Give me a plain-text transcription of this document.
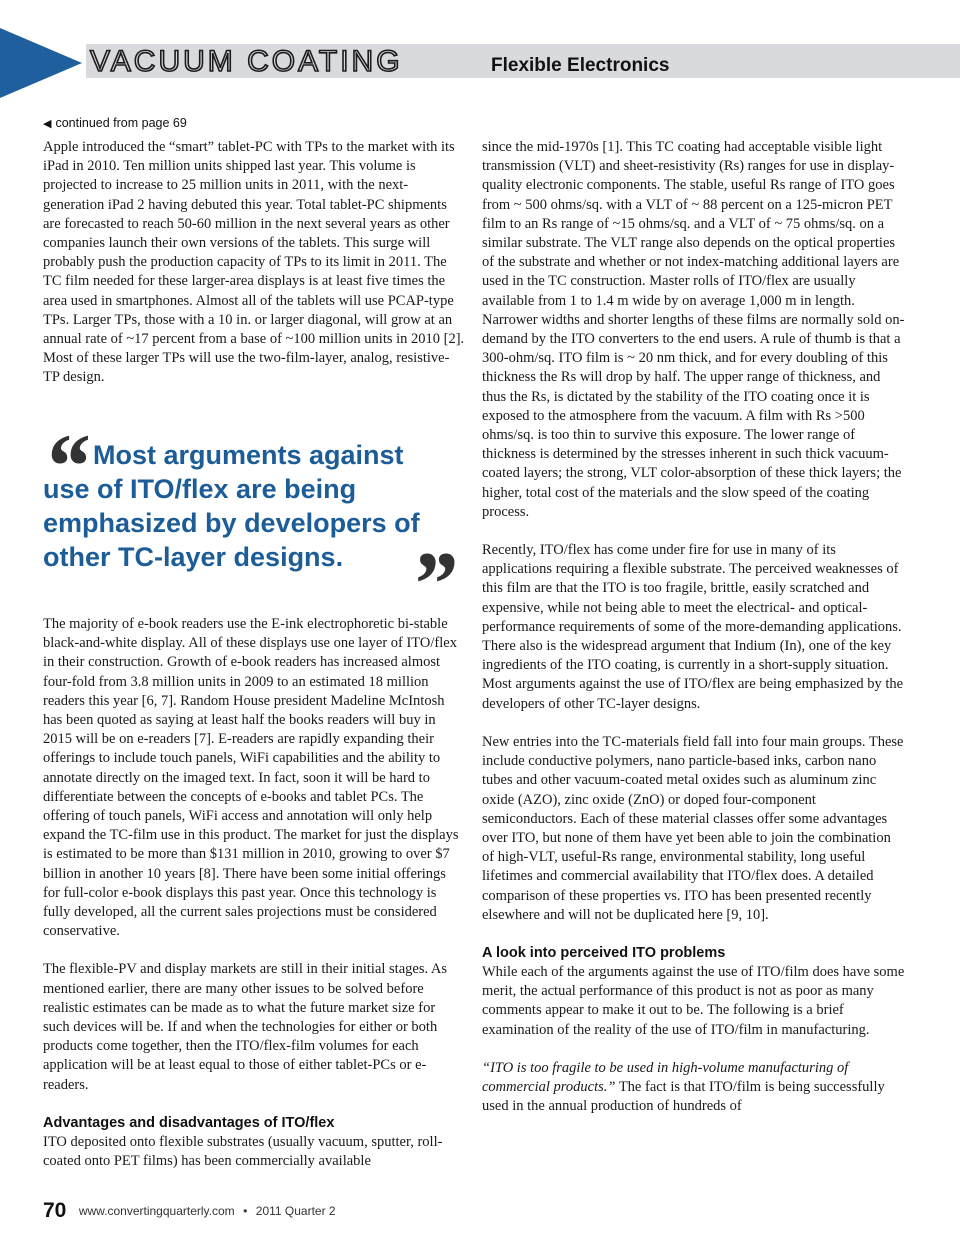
VACUUM COATING	Flexible Electronics
◀ continued from page 69

Apple introduced the “smart” tablet-PC with TPs to the market with its iPad in 2010. Ten million units shipped last year. This volume is projected to increase to 25 million units in 2011, with the next-generation iPad 2 having debuted this year. Total tablet-PC shipments are forecasted to reach 50-60 million in the next several years as other companies launch their own versions of the tablets. This surge will probably push the production capacity of TPs to its limit in 2011. The TC film needed for these larger-area displays is at least five times the area used in smartphones. Almost all of the tablets will use PCAP-type TPs. Larger TPs, those with a 10 in. or larger diagonal, will grow at an annual rate of ~17 percent from a base of ~100 million units in 2010 [2]. Most of these larger TPs will use the two-film-layer, analog, resistive-TP design.

“ Most arguments against use of ITO/flex are being emphasized by developers of other TC-layer designs. ”

The majority of e-book readers use the E-ink electrophoretic bi-stable black-and-white display. All of these displays use one layer of ITO/flex in their construction. Growth of e-book readers has increased almost four-fold from 3.8 million units in 2009 to an estimated 18 million readers this year [6, 7]. Random House president Madeline McIntosh has been quoted as saying at least half the books readers will buy in 2015 will be on e-readers [7]. E-readers are rapidly expanding their offerings to include touch panels, WiFi capabilities and the ability to annotate directly on the imaged text. In fact, soon it will be hard to differentiate between the concepts of e-books and tablet PCs. The offering of touch panels, WiFi access and annotation will only help expand the TC-film use in this product. The market for just the displays is estimated to be more than $131 million in 2010, growing to over $7 billion in another 10 years [8]. There have been some initial offerings for full-color e-book displays this past year. Once this technology is fully developed, all the current sales projections must be considered conservative.

The flexible-PV and display markets are still in their initial stages. As mentioned earlier, there are many other issues to be solved before realistic estimates can be made as to what the future market size for such devices will be. If and when the technologies for either or both products come together, then the ITO/flex-film volumes for each application will be at least equal to those of either tablet-PCs or e-readers.

Advantages and disadvantages of ITO/flex

ITO deposited onto flexible substrates (usually vacuum, sputter, roll-coated onto PET films) has been commercially available

since the mid-1970s [1]. This TC coating had acceptable visible light transmission (VLT) and sheet-resistivity (Rs) ranges for use in display-quality electronic components. The stable, useful Rs range of ITO goes from ~ 500 ohms/sq. with a VLT of ~ 88 percent on a 125-micron PET film to an Rs range of ~15 ohms/sq. and a VLT of ~ 75 ohms/sq. on a similar substrate. The VLT range also depends on the optical properties of the substrate and whether or not index-matching additional layers are used in the TC construction. Master rolls of ITO/flex are usually available from 1 to 1.4 m wide by on average 1,000 m in length. Narrower widths and shorter lengths of these films are normally sold on-demand by the ITO converters to the end users. A rule of thumb is that a 300-ohm/sq. ITO film is ~ 20 nm thick, and for every doubling of this thickness the Rs will drop by half. The upper range of thickness, and thus the Rs, is dictated by the stability of the ITO coating once it is exposed to the atmosphere from the vacuum. A film with Rs >500 ohms/sq. is too thin to survive this exposure. The lower range of thickness is determined by the stresses inherent in such thick vacuum-coated layers; the strong, VLT color-absorption of these thick layers; the higher, total cost of the materials and the slow speed of the coating process.

Recently, ITO/flex has come under fire for use in many of its applications requiring a flexible substrate. The perceived weaknesses of this film are that the ITO is too fragile, brittle, easily scratched and expensive, while not being able to meet the electrical- and optical-performance requirements of some of the more-demanding applications. There also is the widespread argument that Indium (In), one of the key ingredients of the ITO coating, is currently in a short-supply situation. Most arguments against the use of ITO/flex are being emphasized by the developers of other TC-layer designs.

New entries into the TC-materials field fall into four main groups. These include conductive polymers, nano particle-based inks, carbon nano tubes and other vacuum-coated metal oxides such as aluminum zinc oxide (AZO), zinc oxide (ZnO) or doped four-component semiconductors. Each of these material classes offer some advantages over ITO, but none of them have yet been able to join the combination of high-VLT, useful-Rs range, environmental stability, long useful lifetimes and commercial availability that ITO/flex does. A detailed comparison of these properties vs. ITO has been presented recently elsewhere and will not be duplicated here [9, 10].

A look into perceived ITO problems

While each of the arguments against the use of ITO/film does have some merit, the actual performance of this product is not as poor as many comments appear to make it out to be. The following is a brief examination of the reality of the use of ITO/film in manufacturing.

“ITO is too fragile to be used in high-volume manufacturing of commercial products.” The fact is that ITO/film is being successfully used in the annual production of hundreds of

70 www.convertingquarterly.com • 2011 Quarter 2
